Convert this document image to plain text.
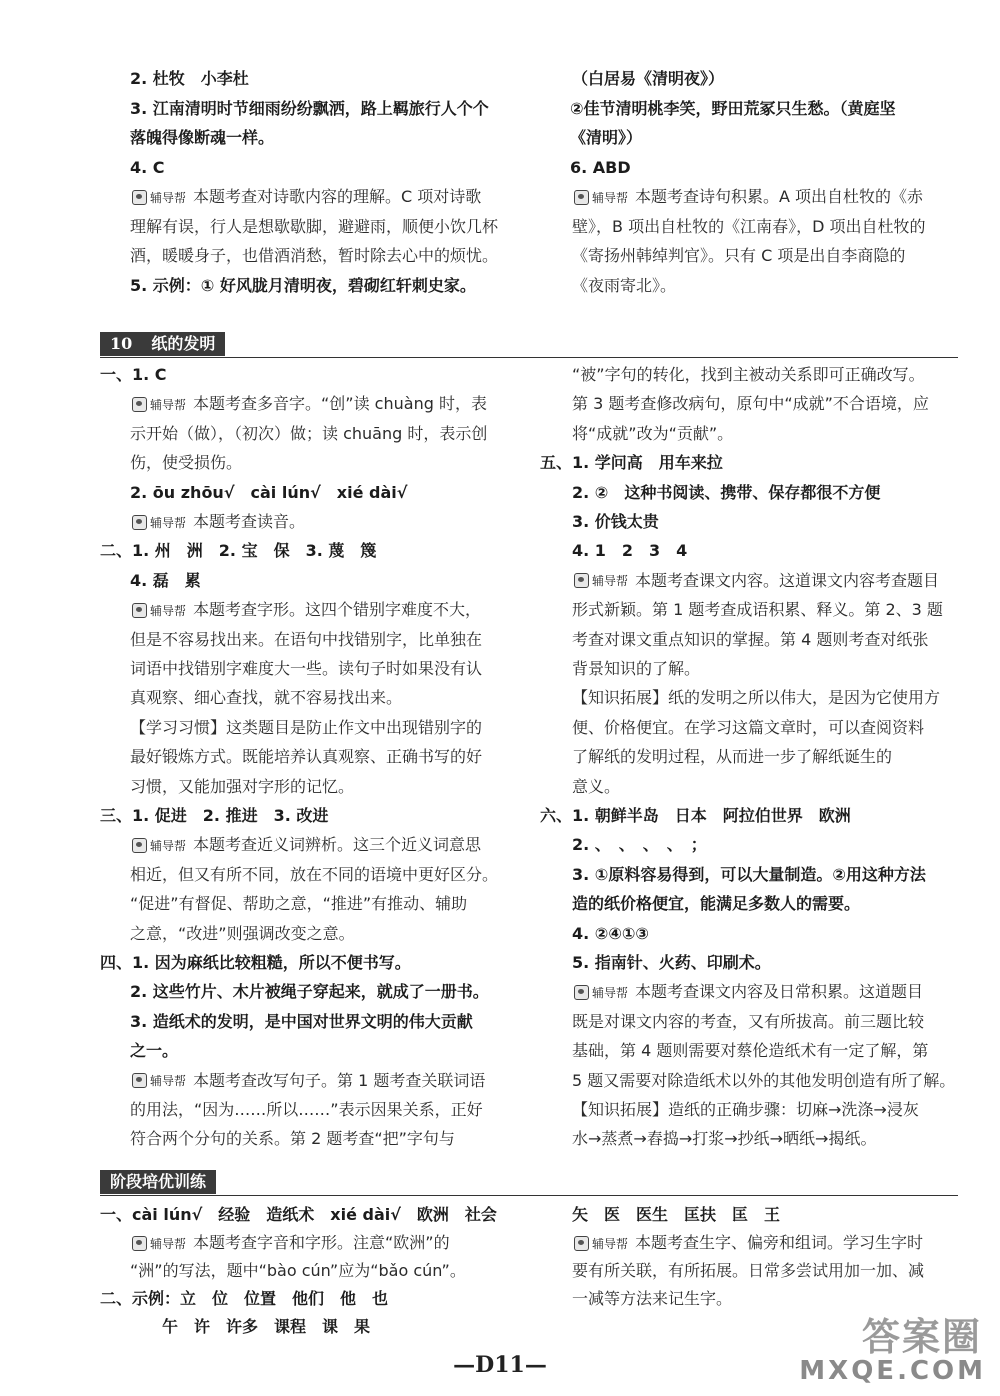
2. 杜牧　小李杜
3. 江南清明时节细雨纷纷飘洒，路上羁旅行人个个
落魄得像断魂一样。
4. C
辅导帮 本题考查对诗歌内容的理解。C 项对诗歌
理解有误，行人是想歇歇脚，避避雨，顺便小饮几杯
酒，暖暖身子，也借酒消愁，暂时除去心中的烦忧。
5. 示例：① 好风胧月清明夜，碧砌红轩刺史家。
（白居易《清明夜》）
②佳节清明桃李笑，野田荒冢只生愁。（黄庭坚
《清明》）
6. ABD
辅导帮 本题考查诗句积累。A 项出自杜牧的《赤
壁》，B 项出自杜牧的《江南春》，D 项出自杜牧的
《寄扬州韩绰判官》。只有 C 项是出自李商隐的
《夜雨寄北》。
10 纸的发明
一、1. C
辅导帮 本题考查多音字。“创”读 chuàng 时，表
示开始（做），（初次）做；读 chuāng 时，表示创
伤，使受损伤。
2. ōu zhōu√　cài lún√　xié dài√
辅导帮 本题考查读音。
二、1. 州　洲　2. 宝　保　3. 蔑　篾
4. 磊　累
辅导帮 本题考查字形。这四个错别字难度不大，
但是不容易找出来。在语句中找错别字，比单独在
词语中找错别字难度大一些。读句子时如果没有认
真观察、细心查找，就不容易找出来。
【学习习惯】这类题目是防止作文中出现错别字的
最好锻炼方式。既能培养认真观察、正确书写的好
习惯，又能加强对字形的记忆。
三、1. 促进　2. 推进　3. 改进
辅导帮 本题考查近义词辨析。这三个近义词意思
相近，但又有所不同，放在不同的语境中更好区分。
“促进”有督促、帮助之意，“推进”有推动、辅助
之意，“改进”则强调改变之意。
四、1. 因为麻纸比较粗糙，所以不便书写。
2. 这些竹片、木片被绳子穿起来，就成了一册书。
3. 造纸术的发明，是中国对世界文明的伟大贡献
之一。
辅导帮 本题考查改写句子。第 1 题考查关联词语
的用法，“因为……所以……”表示因果关系，正好
符合两个分句的关系。第 2 题考查“把”字句与
“被”字句的转化，找到主被动关系即可正确改写。
第 3 题考查修改病句，原句中“成就”不合语境，应
将“成就”改为“贡献”。
五、1. 学问高　用车来拉
2. ②　这种书阅读、携带、保存都很不方便
3. 价钱太贵
4. 1　2　3　4
辅导帮 本题考查课文内容。这道课文内容考查题目
形式新颖。第 1 题考查成语积累、释义。第 2、3 题
考查对课文重点知识的掌握。第 4 题则考查对纸张
背景知识的了解。
【知识拓展】纸的发明之所以伟大，是因为它使用方
便、价格便宜。在学习这篇文章时，可以查阅资料
了解纸的发明过程，从而进一步了解纸诞生的
意义。
六、1. 朝鲜半岛　日本　阿拉伯世界　欧洲
2. 、　、　、　、　；
3. ①原料容易得到，可以大量制造。②用这种方法
造的纸价格便宜，能满足多数人的需要。
4. ②④①③
5. 指南针、火药、印刷术。
辅导帮 本题考查课文内容及日常积累。这道题目
既是对课文内容的考查，又有所拔高。前三题比较
基础，第 4 题则需要对蔡伦造纸术有一定了解，第
5 题又需要对除造纸术以外的其他发明创造有所了解。
【知识拓展】造纸的正确步骤：切麻→洗涤→浸灰
水→蒸煮→舂捣→打浆→抄纸→晒纸→揭纸。
阶段培优训练
一、cài lún√　经验　造纸术　xié dài√　欧洲　社会
辅导帮 本题考查字音和字形。注意“欧洲”的
“洲”的写法，题中“bào cún”应为“bǎo cún”。
二、示例：立　位　位置　他们　他　也
　　午　许　许多　课程　课　果
矢　医　医生　匡扶　匡　王
辅导帮 本题考查生字、偏旁和组词。学习生字时
要有所关联，有所拓展。日常多尝试用加一加、减
一减等方法来记生字。
—D11—
答案圈
MXQE.COM
